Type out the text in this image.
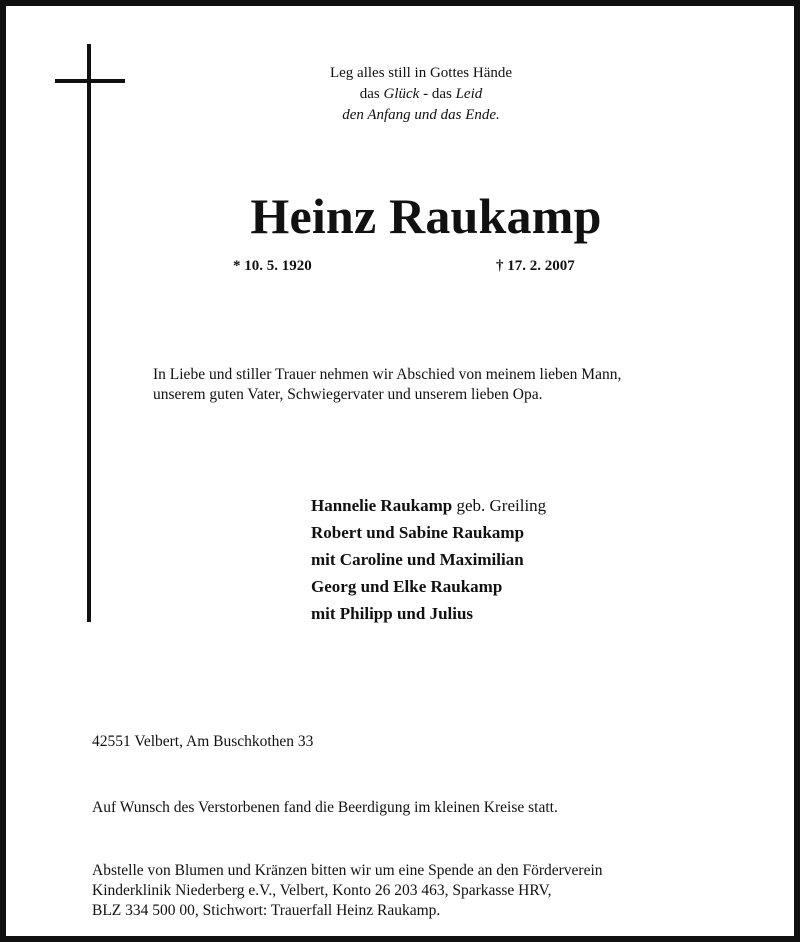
Leg alles still in Gottes Hände
das Glück - das Leid
den Anfang und das Ende.
Heinz Raukamp
* 10. 5. 1920	† 17. 2. 2007
In Liebe und stiller Trauer nehmen wir Abschied von meinem lieben Mann,
unserem guten Vater, Schwiegervater und unserem lieben Opa.
Hannelie Raukamp geb. Greiling
Robert und Sabine Raukamp
mit Caroline und Maximilian
Georg und Elke Raukamp
mit Philipp und Julius
42551 Velbert, Am Buschkothen 33
Auf Wunsch des Verstorbenen fand die Beerdigung im kleinen Kreise statt.
Abstelle von Blumen und Kränzen bitten wir um eine Spende an den Förderverein
Kinderklinik Niederberg e.V., Velbert, Konto 26 203 463, Sparkasse HRV,
BLZ 334 500 00, Stichwort: Trauerfall Heinz Raukamp.
